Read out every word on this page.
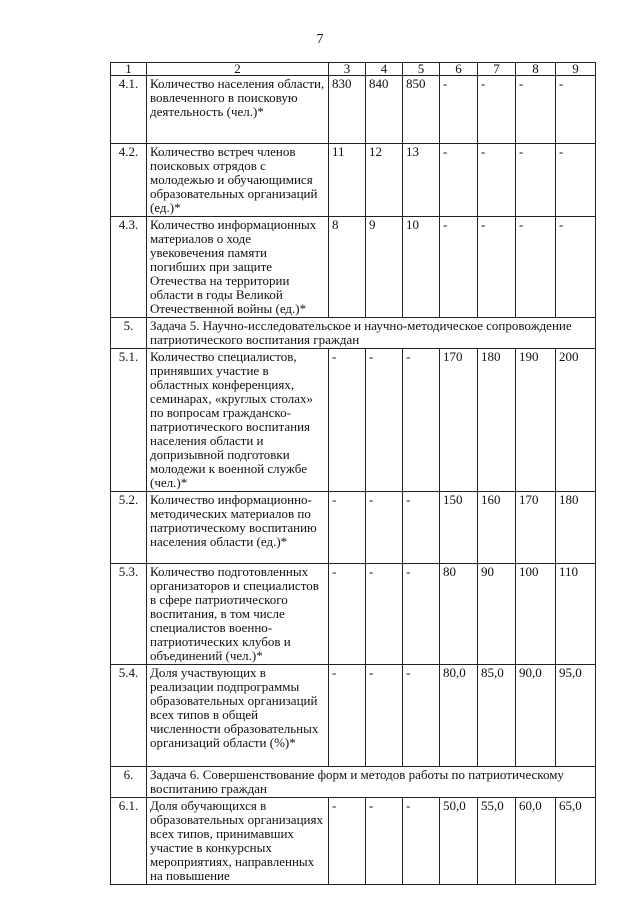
7
1	2	3	4	5	6	7	8	9
4.1.	Количество населения области, вовлеченного в поисковую деятельность (чел.)*	830	840	850	-	-	-	-
4.2.	Количество встреч членов поисковых отрядов с молодежью и обучающимися образовательных организаций (ед.)*	11	12	13	-	-	-	-
4.3.	Количество информационных материалов о ходе увековечения памяти погибших при защите Отечества на территории области в годы Великой Отечественной войны (ед.)*	8	9	10	-	-	-	-
5.	Задача 5. Научно-исследовательское и научно-методическое сопровождение патриотического воспитания граждан							
5.1.	Количество специалистов, принявших участие в областных конференциях, семинарах, «круглых столах» по вопросам гражданско-патриотического воспитания населения области и допризывной подготовки молодежи к военной службе (чел.)*	-	-	-	170	180	190	200
5.2.	Количество информационно-методических материалов по патриотическому воспитанию населения области (ед.)*	-	-	-	150	160	170	180
5.3.	Количество подготовленных организаторов и специалистов в сфере патриотического воспитания, в том числе специалистов военно-патриотических клубов и объединений (чел.)*	-	-	-	80	90	100	110
5.4.	Доля участвующих в реализации подпрограммы образовательных организаций всех типов в общей численности образовательных организаций области (%)*	-	-	-	80,0	85,0	90,0	95,0
6.	Задача 6. Совершенствование форм и методов работы по патриотическому воспитанию граждан							
6.1.	Доля обучающихся в образовательных организациях всех типов, принимавших участие в конкурсных мероприятиях, направленных на повышение	-	-	-	50,0	55,0	60,0	65,0
